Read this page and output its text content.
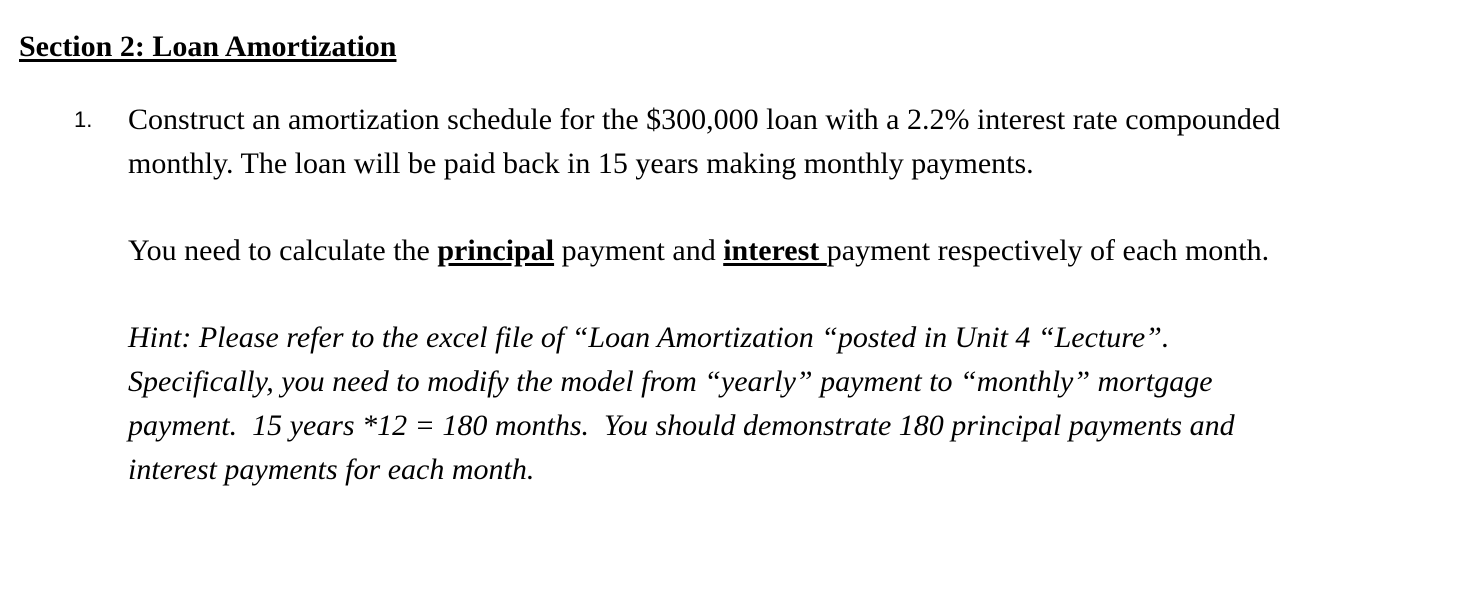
Section 2: Loan Amortization
1. Construct an amortization schedule for the $300,000 loan with a 2.2% interest rate compounded
monthly. The loan will be paid back in 15 years making monthly payments.

You need to calculate the principal payment and interest payment respectively of each month.

Hint: Please refer to the excel file of “Loan Amortization “posted in Unit 4 “Lecture”.
Specifically, you need to modify the model from “yearly” payment to “monthly” mortgage
payment.  15 years *12 = 180 months.  You should demonstrate 180 principal payments and
interest payments for each month.
